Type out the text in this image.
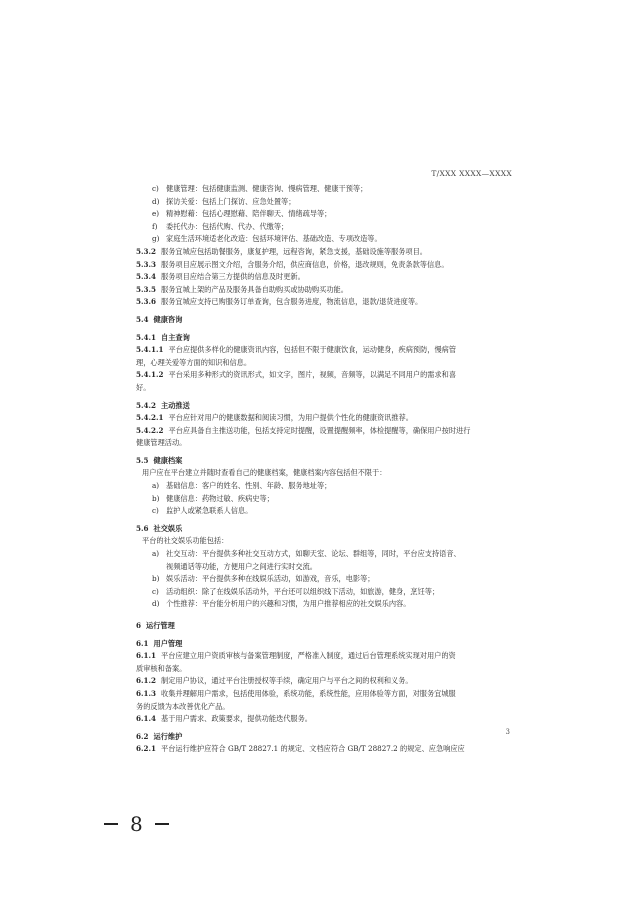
T/XXX XXXX—XXXX
c) 健康管理：包括健康监测、健康咨询、慢病管理、健康干预等；
d) 探访关爱：包括上门探访、应急处置等；
e) 精神慰藉：包括心理慰藉、陪伴聊天、情绪疏导等；
f)	委托代办：包括代购、代办、代缴等；
g) 家庭生活环境适老化改造：包括环境评估、基础改造、专项改造等。
5.3.2 服务宜城应包括助餐服务，康复护理，远程咨询，紧急支援，基础设施等服务项目。
5.3.3 服务项目应展示图文介绍，含服务介绍，供应商信息，价格，退改规则，免责条款等信息。
5.3.4 服务项目应结合第三方提供的信息及时更新。
5.3.5 服务宜城上架的产品及服务具备自助购买或协助购买功能。
5.3.6 服务宜城应支持已购服务订单查询，包含服务进度，物流信息，退款/退货进度等。
5.4 健康咨询
5.4.1 自主查询
5.4.1.1 平台应提供多样化的健康资讯内容，包括但不限于健康饮食，运动健身，疾病预防，慢病管
理，心理关爱等方面的知识和信息。
5.4.1.2 平台采用多种形式的资讯形式，如文字，图片，视频，音频等，以满足不同用户的需求和喜
好。
5.4.2 主动推送
5.4.2.1 平台应针对用户的健康数据和阅读习惯，为用户提供个性化的健康资讯推荐。
5.4.2.2 平台应具备自主推送功能，包括支持定时提醒，设置提醒频率，体检提醒等，确保用户按时进行
健康管理活动。
5.5 健康档案
用户应在平台建立并随时查看自己的健康档案，健康档案内容包括但不限于：
a) 基础信息：客户的姓名、性别、年龄、服务地址等；
b) 健康信息：药物过敏、疾病史等；
c) 监护人或紧急联系人信息。
5.6 社交娱乐
平台的社交娱乐功能包括：
a) 社交互动：平台提供多种社交互动方式，如聊天室、论坛、群组等，同时，平台应支持语音、
视频通话等功能，方便用户之间进行实时交流。
b) 娱乐活动：平台提供多种在线娱乐活动，如游戏，音乐，电影等；
c) 活动组织：除了在线娱乐活动外，平台还可以组织线下活动，如旅游，健身，烹饪等；
d) 个性推荐：平台能分析用户的兴趣和习惯，为用户推荐相应的社交娱乐内容。
6 运行管理
6.1 用户管理
6.1.1 平台应建立用户资质审核与备案管理制度，严格准入制度，通过后台管理系统实现对用户的资
质审核和备案。
6.1.2 制定用户协议，通过平台注册授权等手续，确定用户与平台之间的权利和义务。
6.1.3 收集并理解用户需求，包括使用体验，系统功能，系统性能，应用体验等方面，对服务宜城服
务的反馈为本改善优化产品。
6.1.4 基于用户需求、政策要求，提供功能迭代服务。
6.2 运行维护
6.2.1 平台运行维护应符合 GB/T 28827.1 的规定、文档应符合 GB/T 28827.2 的规定、应急响应应
3
8
